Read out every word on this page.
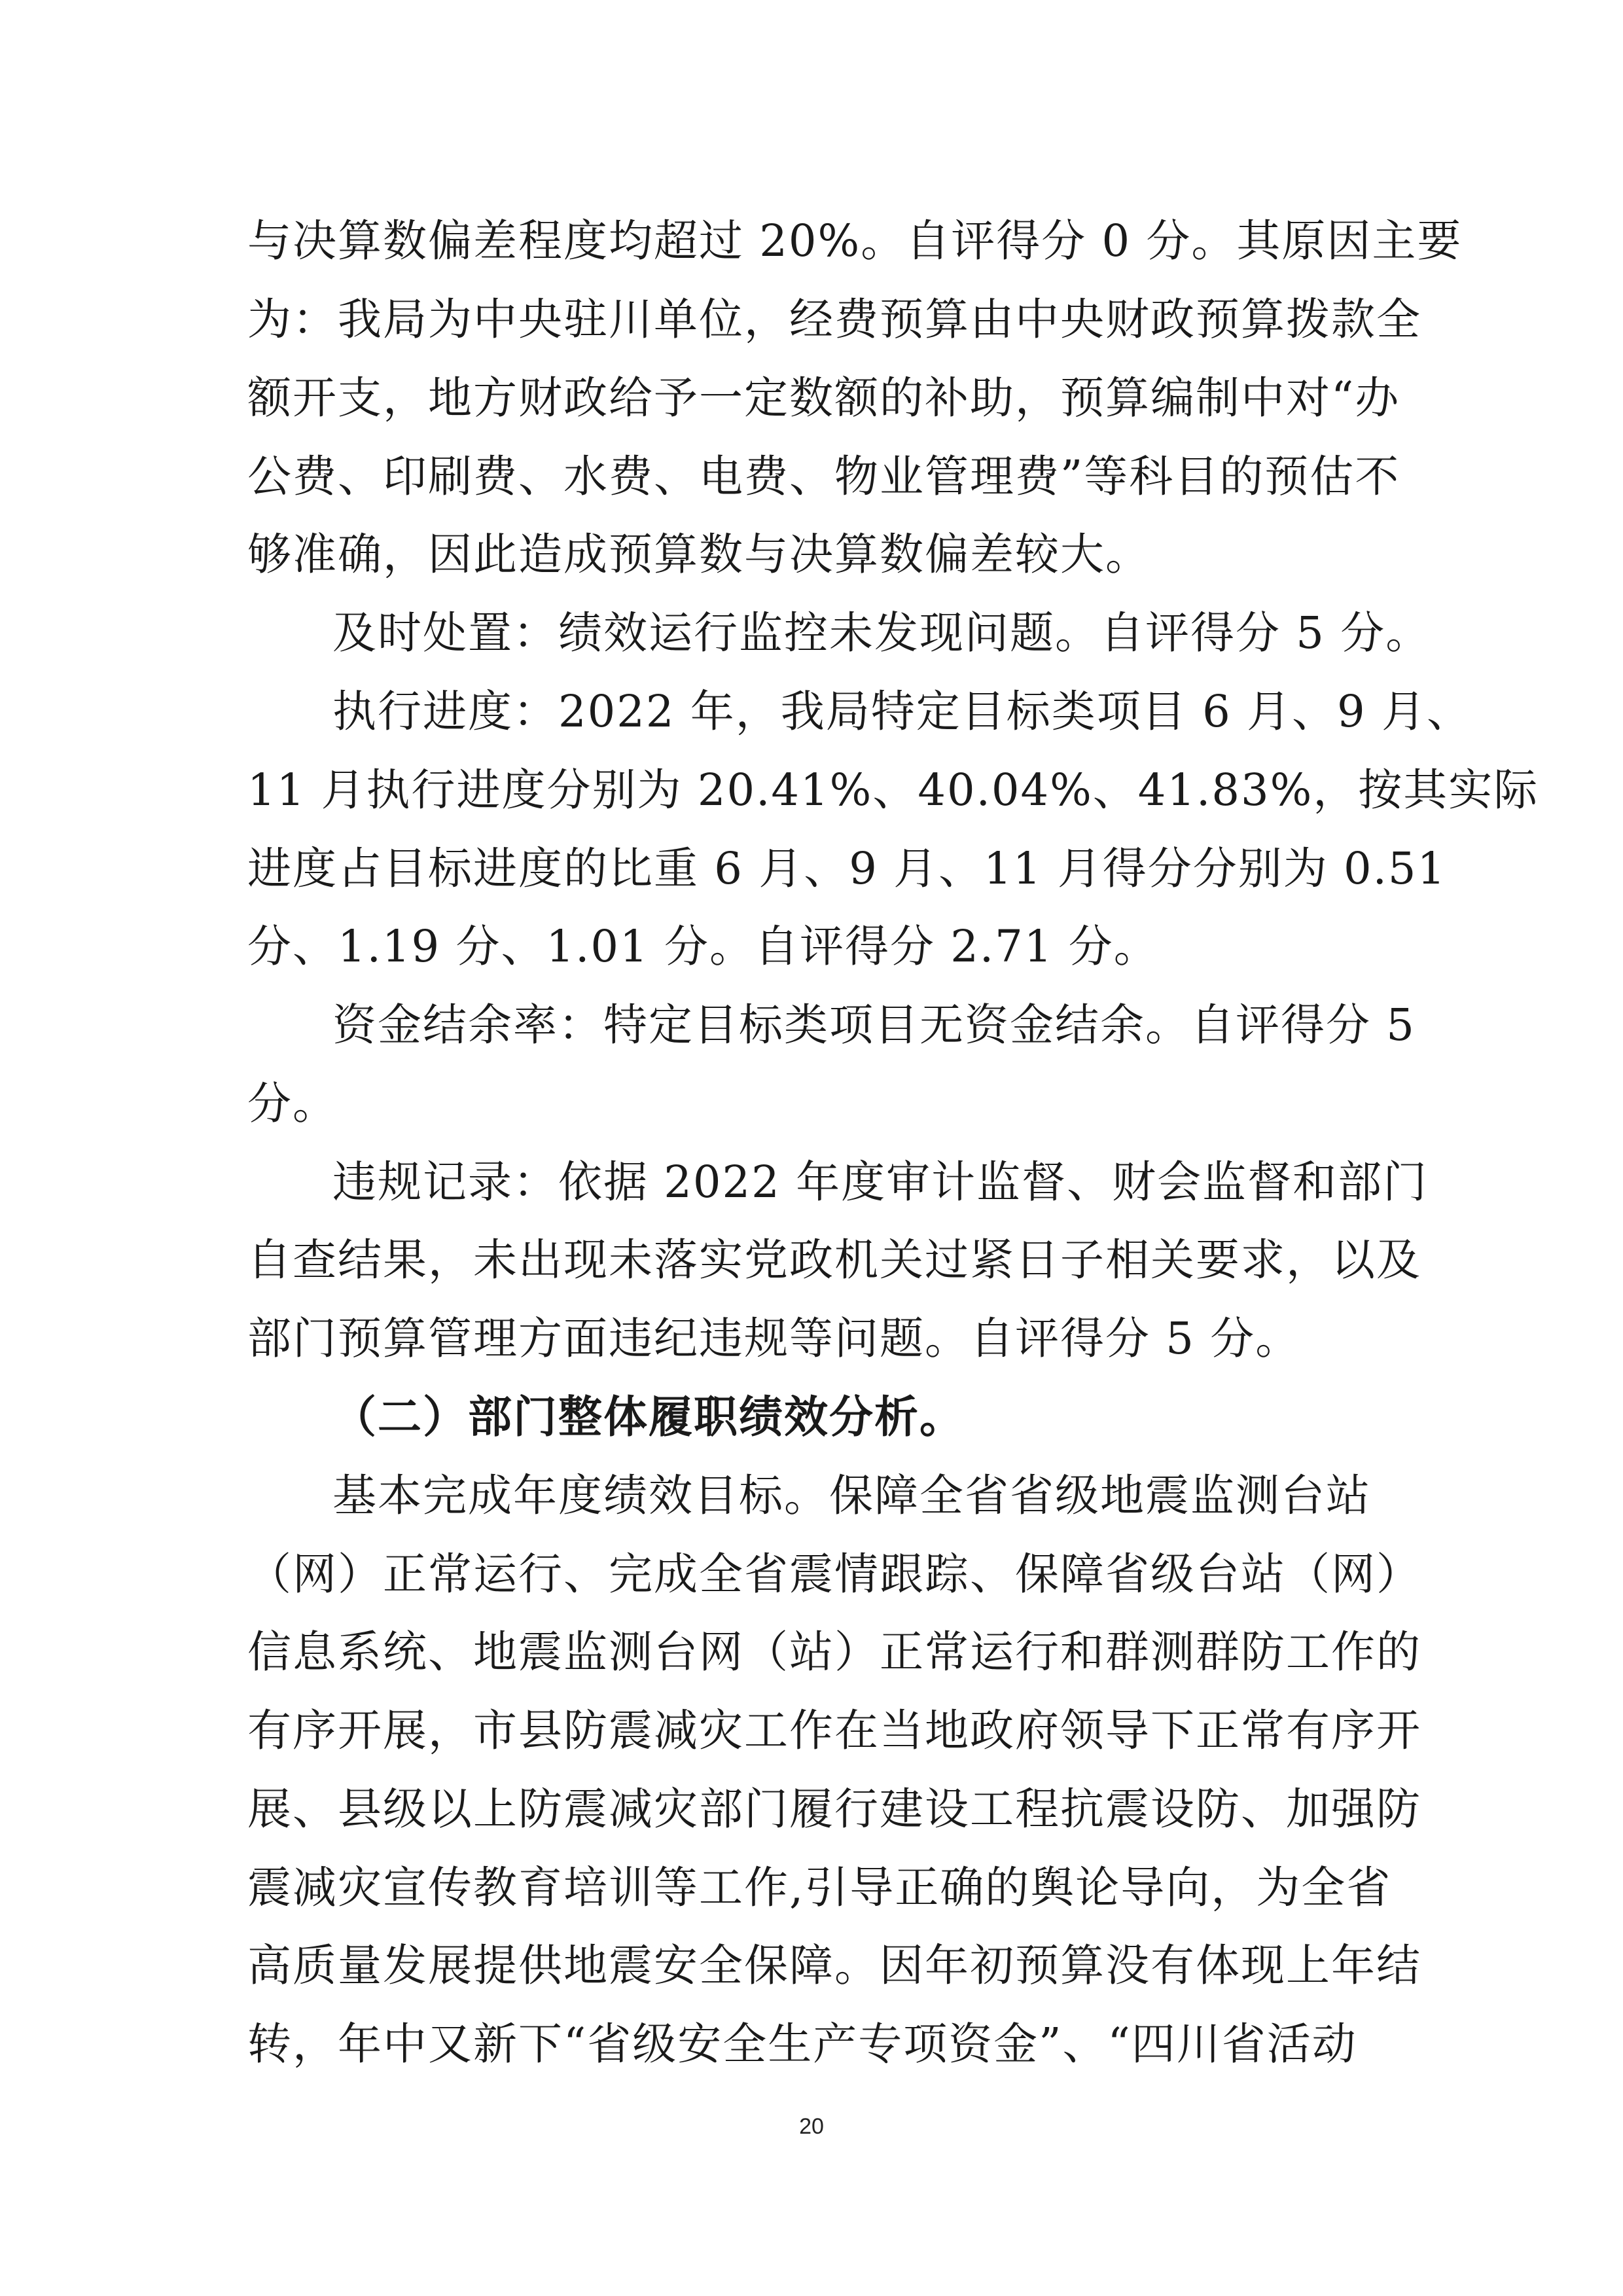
与决算数偏差程度均超过 20%。自评得分 0 分。其原因主要
为：我局为中央驻川单位，经费预算由中央财政预算拨款全
额开支，地方财政给予一定数额的补助，预算编制中对“办
公费、印刷费、水费、电费、物业管理费”等科目的预估不
够准确，因此造成预算数与决算数偏差较大。
及时处置：绩效运行监控未发现问题。自评得分 5 分。
执行进度：2022 年，我局特定目标类项目 6 月、9 月、
11 月执行进度分别为 20.41%、40.04%、41.83%，按其实际
进度占目标进度的比重 6 月、9 月、11 月得分分别为 0.51
分、1.19 分、1.01 分。自评得分 2.71 分。
资金结余率：特定目标类项目无资金结余。自评得分 5
分。
违规记录：依据 2022 年度审计监督、财会监督和部门
自查结果，未出现未落实党政机关过紧日子相关要求，以及
部门预算管理方面违纪违规等问题。自评得分 5 分。
（二）部门整体履职绩效分析。
基本完成年度绩效目标。保障全省省级地震监测台站
（网）正常运行、完成全省震情跟踪、保障省级台站（网）
信息系统、地震监测台网（站）正常运行和群测群防工作的
有序开展，市县防震减灾工作在当地政府领导下正常有序开
展、县级以上防震减灾部门履行建设工程抗震设防、加强防
震减灾宣传教育培训等工作,引导正确的舆论导向，为全省
高质量发展提供地震安全保障。因年初预算没有体现上年结
转，年中又新下“省级安全生产专项资金”、“四川省活动
20
